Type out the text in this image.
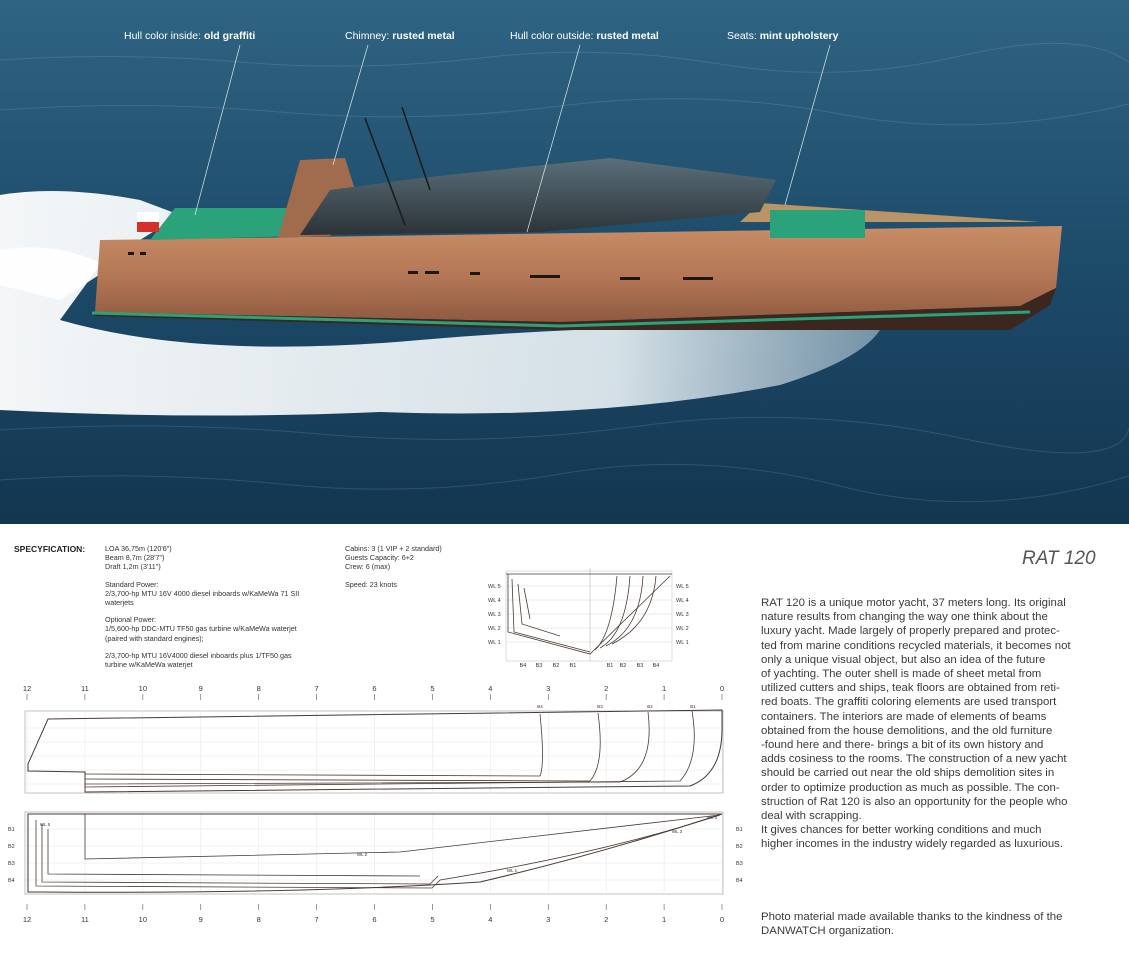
Hull color inside: old graffiti	Chimney: rusted metal	Hull color outside: rusted metal	Seats: mint upholstery
SPECYFICATION:	LOA 36,75m (120'6")
Beam 8,7m (28'7")
Draft 1,2m (3'11")

Standard Power:
2/3,700-hp MTU 16V 4000 diesel inboards w/KaMeWa 71 SII
waterjets

Optional Power:
1/5,600-hp DDC-MTU TF50 gas turbine w/KaMeWa waterjet
(paired with standard engines);

2/3,700-hp MTU 16V4000 diesel inboards plus 1/TF50 gas
turbine w/KaMeWa waterjet

Cabins: 3 (1 VIP + 2 standard)
Guests Capacity: 6+2
Crew: 6 (max)

Speed: 23 knots

RAT 120
RAT 120 is a unique motor yacht, 37 meters long. Its original
nature results from changing the way one think about the
luxury yacht. Made largely of properly prepared and protec-
ted from marine conditions recycled materials, it becomes not
only a unique visual object, but also an idea of the future
of yachting. The outer shell is made of sheet metal from
utilized cutters and ships, teak floors are obtained from reti-
red boats. The graffiti coloring elements are used transport
containers. The interiors are made of elements of beams
obtained from the house demolitions, and the old furniture
-found here and there- brings a bit of its own history and
adds cosiness to the rooms. The construction of a new yacht
should be carried out near the old ships demolition sites in
order to optimize production as much as possible. The con-
struction of Rat 120 is also an opportunity for the people who
deal with scrapping.
It gives chances for better working conditions and much
higher incomes in the industry widely regarded as luxurious.
Photo material made available thanks to the kindness of the DANWATCH organization.
12
12
11
11
10
10
9
9
8
8
7
7
6
6
5
5
4
4
3
3
2
2
1
1
0
0
B1	B1
B2	B2
B3	B3
B4	B4
WL 5	WL 5
WL 4	WL 4
WL 3	WL 3
WL 2	WL 2
WL 1	WL 1
B4 B3 B2 B1	B1 B2 B3 B4
B4	B3	B2	B1
WL 2
WL 1
WL 3
WL 5
WL 4
